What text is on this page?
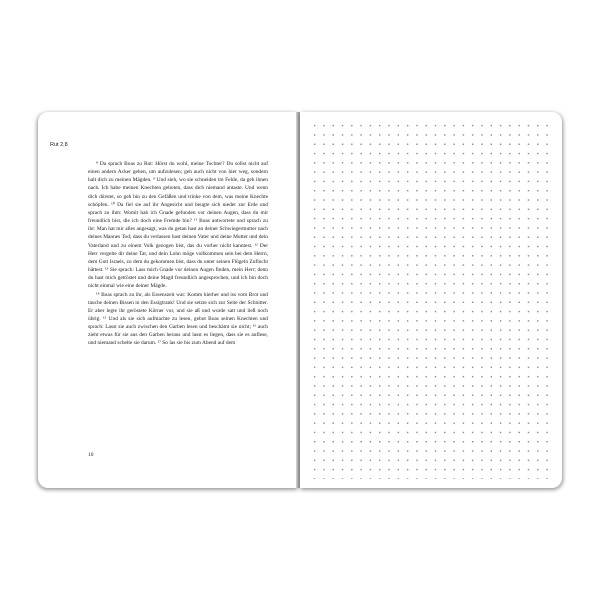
Rut 2,8

⁸ Da sprach Boas zu Rut: Hörst du wohl, meine Tochter? Du sollst nicht auf einen andern Acker gehen, um aufzulesen; geh auch nicht von hier weg, sondern halt dich zu meinen Mägden. ⁹ Und sieh, wo sie schneiden im Felde, da geh ihnen nach. Ich habe meinen Knechten geboten, dass dich niemand antaste. Und wenn dich dürstet, so geh hin zu den Gefäßen und trinke von dem, was meine Knechte schöpfen. ¹⁰ Da fiel sie auf ihr Angesicht und beugte sich nieder zur Erde und sprach zu ihm: Womit hab ich Gnade gefunden vor deinen Augen, dass du mir freundlich bist, die ich doch eine Fremde bin? ¹¹ Boas antwortete und sprach zu ihr: Man hat mir alles angesagt, was du getan hast an deiner Schwiegermutter nach deines Mannes Tod; dass du verlassen hast deinen Vater und deine Mutter und dein Vaterland und zu einem Volk gezogen bist, das du vorher nicht kanntest. ¹² Der Herr vergelte dir deine Tat, und dein Lohn möge vollkommen sein bei dem Herrn, dem Gott Israels, zu dem du gekommen bist, dass du unter seinen Flügeln Zuflucht hättest. ¹³ Sie sprach: Lass mich Gnade vor deinen Augen finden, mein Herr; denn du hast mich getröstet und deine Magd freundlich angesprochen, und ich bin doch nicht einmal wie eine deiner Mägde.

¹⁴ Boas sprach zu ihr, als Essenszeit war: Komm hierher und iss vom Brot und tauche deinen Bissen in den Essigtrank! Und sie setzte sich zur Seite der Schnitter. Er aber legte ihr geröstete Körner vor, und sie aß und wurde satt und ließ noch übrig. ¹⁵ Und als sie sich aufmachte zu lesen, gebot Boas seinen Knechten und sprach: Lasst sie auch zwischen den Garben lesen und beschämt sie nicht; ¹⁶ auch zieht etwas für sie aus den Garben heraus und lasst es liegen, dass sie es auflese, und niemand schelte sie darum. ¹⁷ So las sie bis zum Abend auf dem

10
